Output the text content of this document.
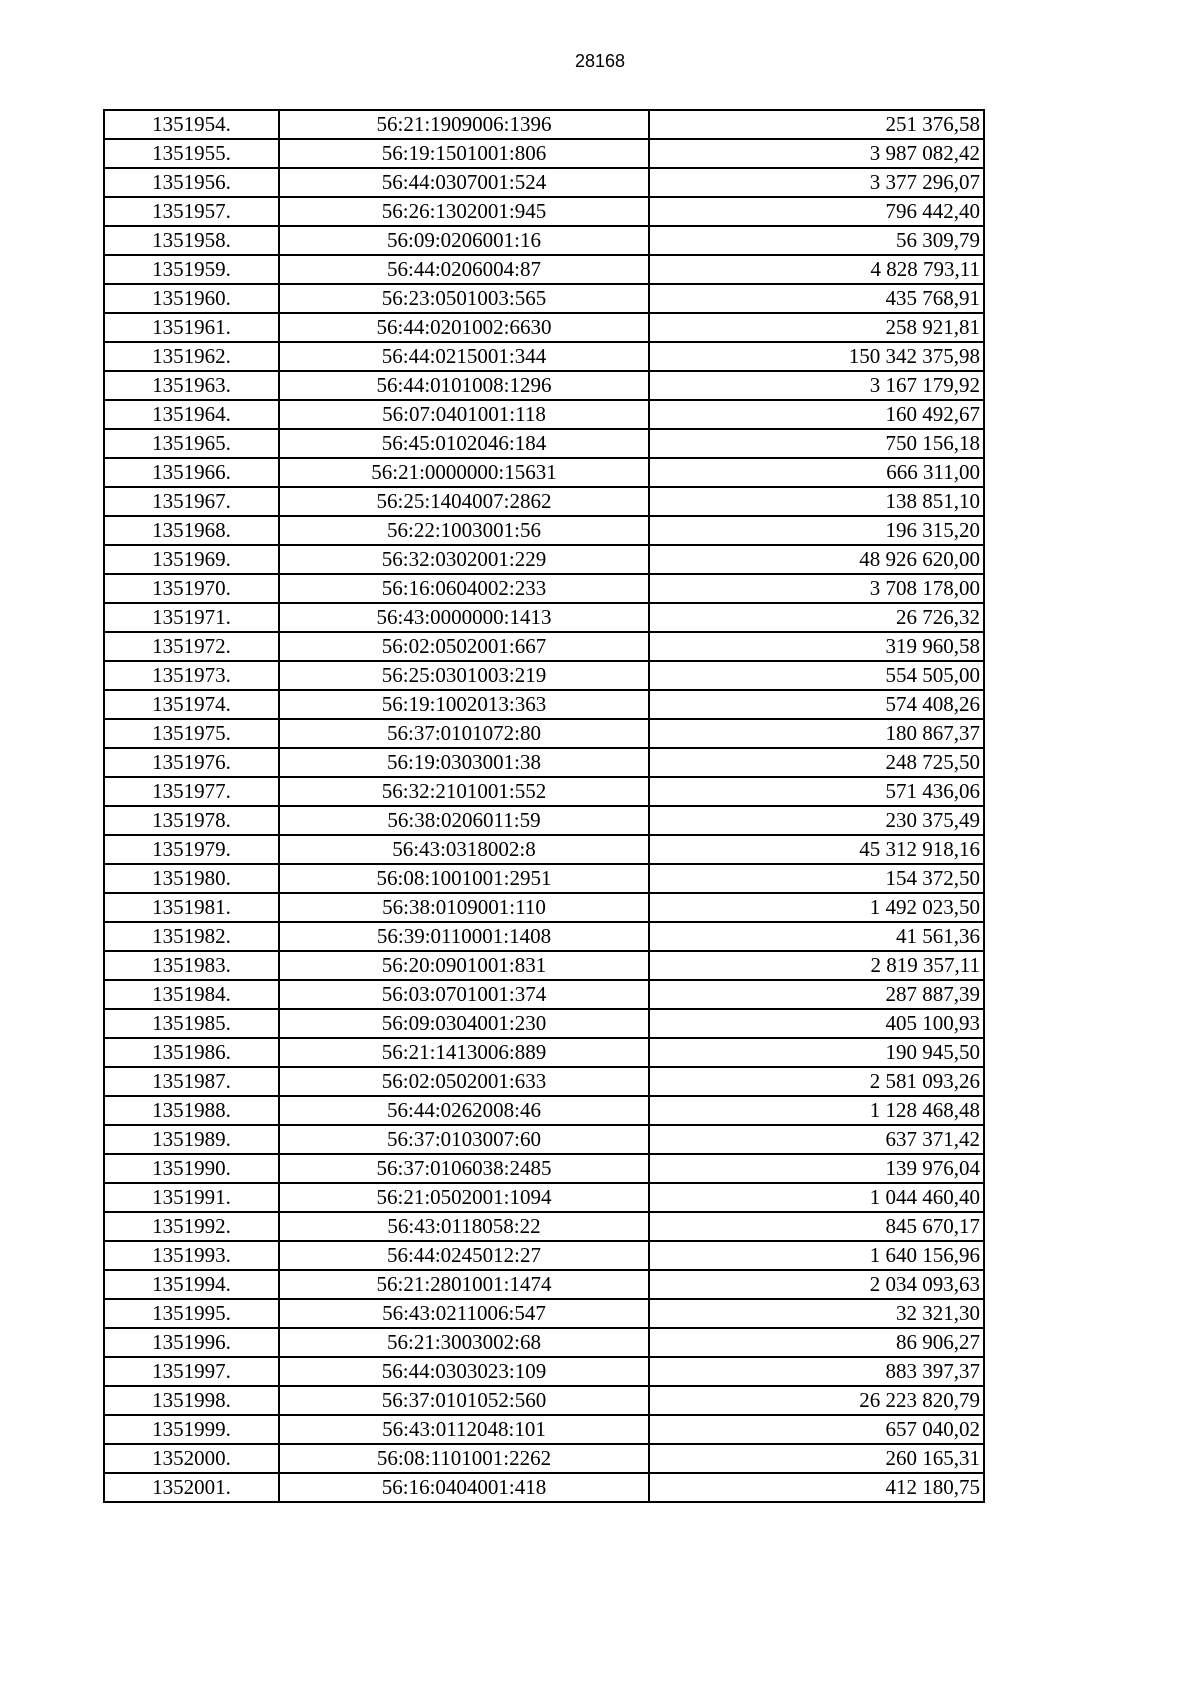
28168
1351954.	56:21:1909006:1396	251 376,58
1351955.	56:19:1501001:806	3 987 082,42
1351956.	56:44:0307001:524	3 377 296,07
1351957.	56:26:1302001:945	796 442,40
1351958.	56:09:0206001:16	56 309,79
1351959.	56:44:0206004:87	4 828 793,11
1351960.	56:23:0501003:565	435 768,91
1351961.	56:44:0201002:6630	258 921,81
1351962.	56:44:0215001:344	150 342 375,98
1351963.	56:44:0101008:1296	3 167 179,92
1351964.	56:07:0401001:118	160 492,67
1351965.	56:45:0102046:184	750 156,18
1351966.	56:21:0000000:15631	666 311,00
1351967.	56:25:1404007:2862	138 851,10
1351968.	56:22:1003001:56	196 315,20
1351969.	56:32:0302001:229	48 926 620,00
1351970.	56:16:0604002:233	3 708 178,00
1351971.	56:43:0000000:1413	26 726,32
1351972.	56:02:0502001:667	319 960,58
1351973.	56:25:0301003:219	554 505,00
1351974.	56:19:1002013:363	574 408,26
1351975.	56:37:0101072:80	180 867,37
1351976.	56:19:0303001:38	248 725,50
1351977.	56:32:2101001:552	571 436,06
1351978.	56:38:0206011:59	230 375,49
1351979.	56:43:0318002:8	45 312 918,16
1351980.	56:08:1001001:2951	154 372,50
1351981.	56:38:0109001:110	1 492 023,50
1351982.	56:39:0110001:1408	41 561,36
1351983.	56:20:0901001:831	2 819 357,11
1351984.	56:03:0701001:374	287 887,39
1351985.	56:09:0304001:230	405 100,93
1351986.	56:21:1413006:889	190 945,50
1351987.	56:02:0502001:633	2 581 093,26
1351988.	56:44:0262008:46	1 128 468,48
1351989.	56:37:0103007:60	637 371,42
1351990.	56:37:0106038:2485	139 976,04
1351991.	56:21:0502001:1094	1 044 460,40
1351992.	56:43:0118058:22	845 670,17
1351993.	56:44:0245012:27	1 640 156,96
1351994.	56:21:2801001:1474	2 034 093,63
1351995.	56:43:0211006:547	32 321,30
1351996.	56:21:3003002:68	86 906,27
1351997.	56:44:0303023:109	883 397,37
1351998.	56:37:0101052:560	26 223 820,79
1351999.	56:43:0112048:101	657 040,02
1352000.	56:08:1101001:2262	260 165,31
1352001.	56:16:0404001:418	412 180,75
